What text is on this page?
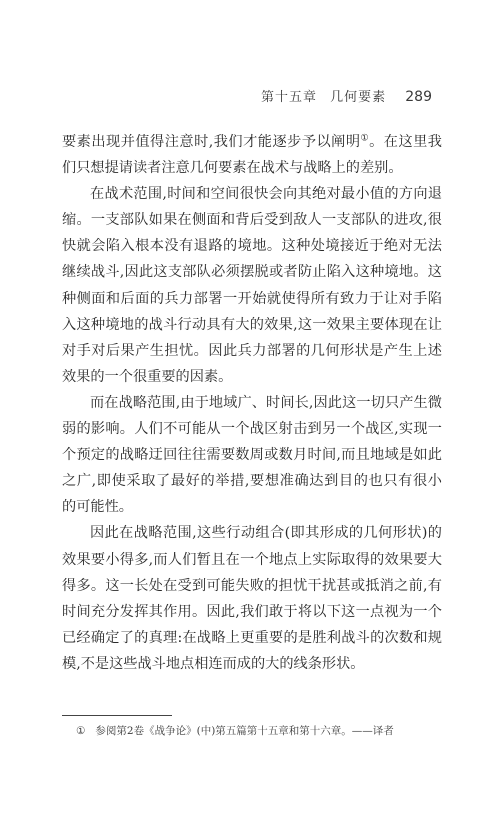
第十五章 几何要素 289
要素出现并值得注意时,我们才能逐步予以阐明①。在这里我
们只想提请读者注意几何要素在战术与战略上的差别。
在战术范围,时间和空间很快会向其绝对最小值的方向退
缩。一支部队如果在侧面和背后受到敌人一支部队的进攻,很
快就会陷入根本没有退路的境地。这种处境接近于绝对无法
继续战斗,因此这支部队必须摆脱或者防止陷入这种境地。这
种侧面和后面的兵力部署一开始就使得所有致力于让对手陷
入这种境地的战斗行动具有大的效果,这一效果主要体现在让
对手对后果产生担忧。因此兵力部署的几何形状是产生上述
效果的一个很重要的因素。
而在战略范围,由于地域广、时间长,因此这一切只产生微
弱的影响。人们不可能从一个战区射击到另一个战区,实现一
个预定的战略迂回往往需要数周或数月时间,而且地域是如此
之广,即使采取了最好的举措,要想准确达到目的也只有很小
的可能性。
因此在战略范围,这些行动组合(即其形成的几何形状)的
效果要小得多,而人们暂且在一个地点上实际取得的效果要大
得多。这一长处在受到可能失败的担忧干扰甚或抵消之前,有
时间充分发挥其作用。因此,我们敢于将以下这一点视为一个
已经确定了的真理:在战略上更重要的是胜利战斗的次数和规
模,不是这些战斗地点相连而成的大的线条形状。
① 参阅第2卷《战争论》(中)第五篇第十五章和第十六章。——译者
